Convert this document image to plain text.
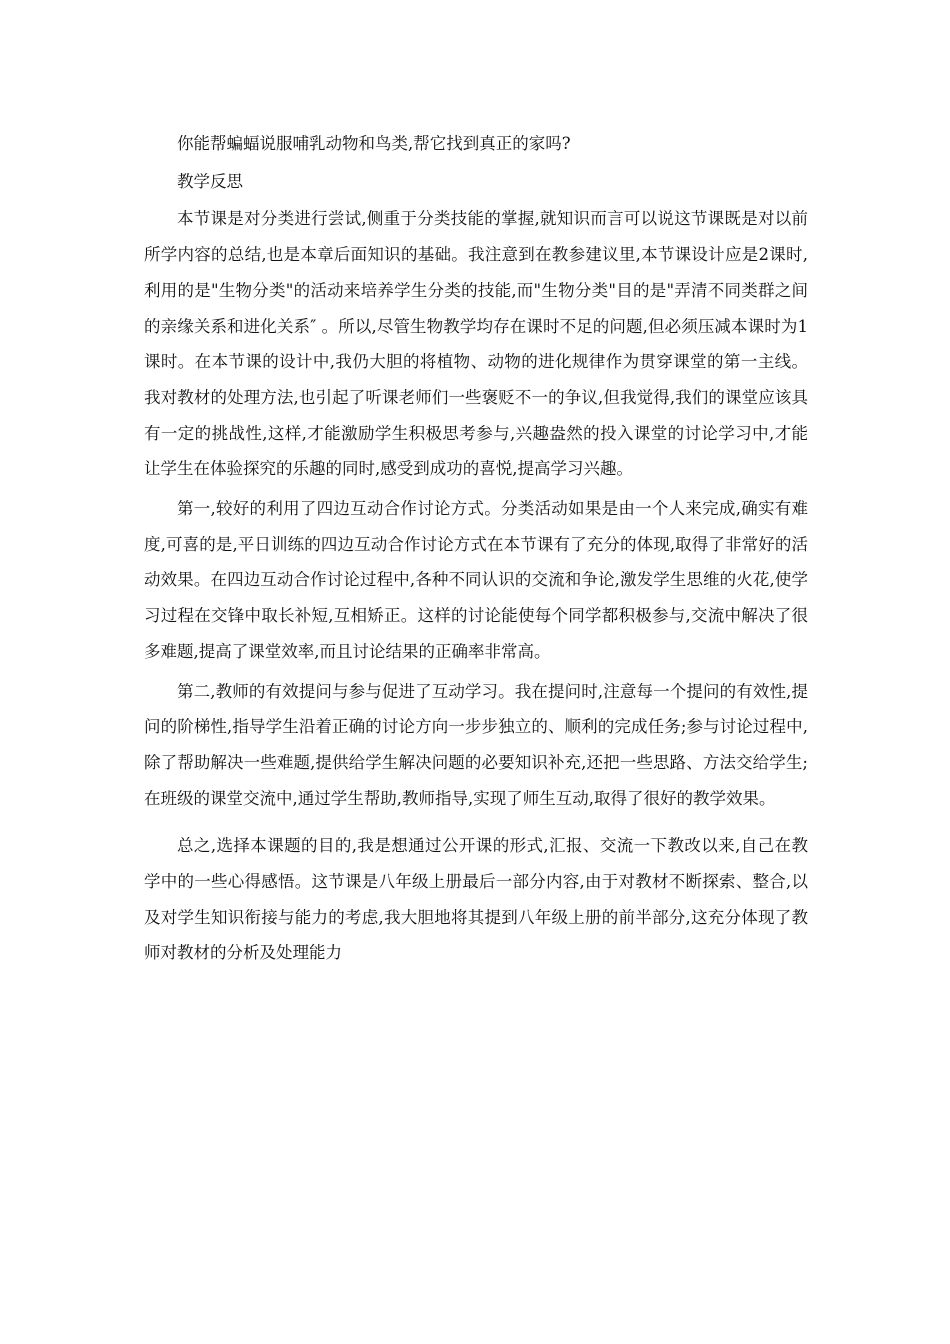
你能帮蝙蝠说服哺乳动物和鸟类,帮它找到真正的家吗?

教学反思

本节课是对分类进行尝试,侧重于分类技能的掌握,就知识而言可以说这节课既是对以前所学内容的总结,也是本章后面知识的基础。我注意到在教参建议里,本节课设计应是2课时,利用的是"生物分类"的活动来培养学生分类的技能,而"生物分类"目的是"弄清不同类群之间的亲缘关系和进化关系″ 。所以,尽管生物教学均存在课时不足的问题,但必须压减本课时为1课时。在本节课的设计中,我仍大胆的将植物、动物的进化规律作为贯穿课堂的第一主线。我对教材的处理方法,也引起了听课老师们一些褒贬不一的争议,但我觉得,我们的课堂应该具有一定的挑战性,这样,才能激励学生积极思考参与,兴趣盎然的投入课堂的讨论学习中,才能让学生在体验探究的乐趣的同时,感受到成功的喜悦,提高学习兴趣。

第一,较好的利用了四边互动合作讨论方式。分类活动如果是由一个人来完成,确实有难度,可喜的是,平日训练的四边互动合作讨论方式在本节课有了充分的体现,取得了非常好的活动效果。在四边互动合作讨论过程中,各种不同认识的交流和争论,激发学生思维的火花,使学习过程在交锋中取长补短,互相矫正。这样的讨论能使每个同学都积极参与,交流中解决了很多难题,提高了课堂效率,而且讨论结果的正确率非常高。

第二,教师的有效提问与参与促进了互动学习。我在提问时,注意每一个提问的有效性,提问的阶梯性,指导学生沿着正确的讨论方向一步步独立的、顺利的完成任务;参与讨论过程中,除了帮助解决一些难题,提供给学生解决问题的必要知识补充,还把一些思路、方法交给学生;在班级的课堂交流中,通过学生帮助,教师指导,实现了师生互动,取得了很好的教学效果。

总之,选择本课题的目的,我是想通过公开课的形式,汇报、交流一下教改以来,自己在教学中的一些心得感悟。这节课是八年级上册最后一部分内容,由于对教材不断探索、整合,以及对学生知识衔接与能力的考虑,我大胆地将其提到八年级上册的前半部分,这充分体现了教师对教材的分析及处理能力
